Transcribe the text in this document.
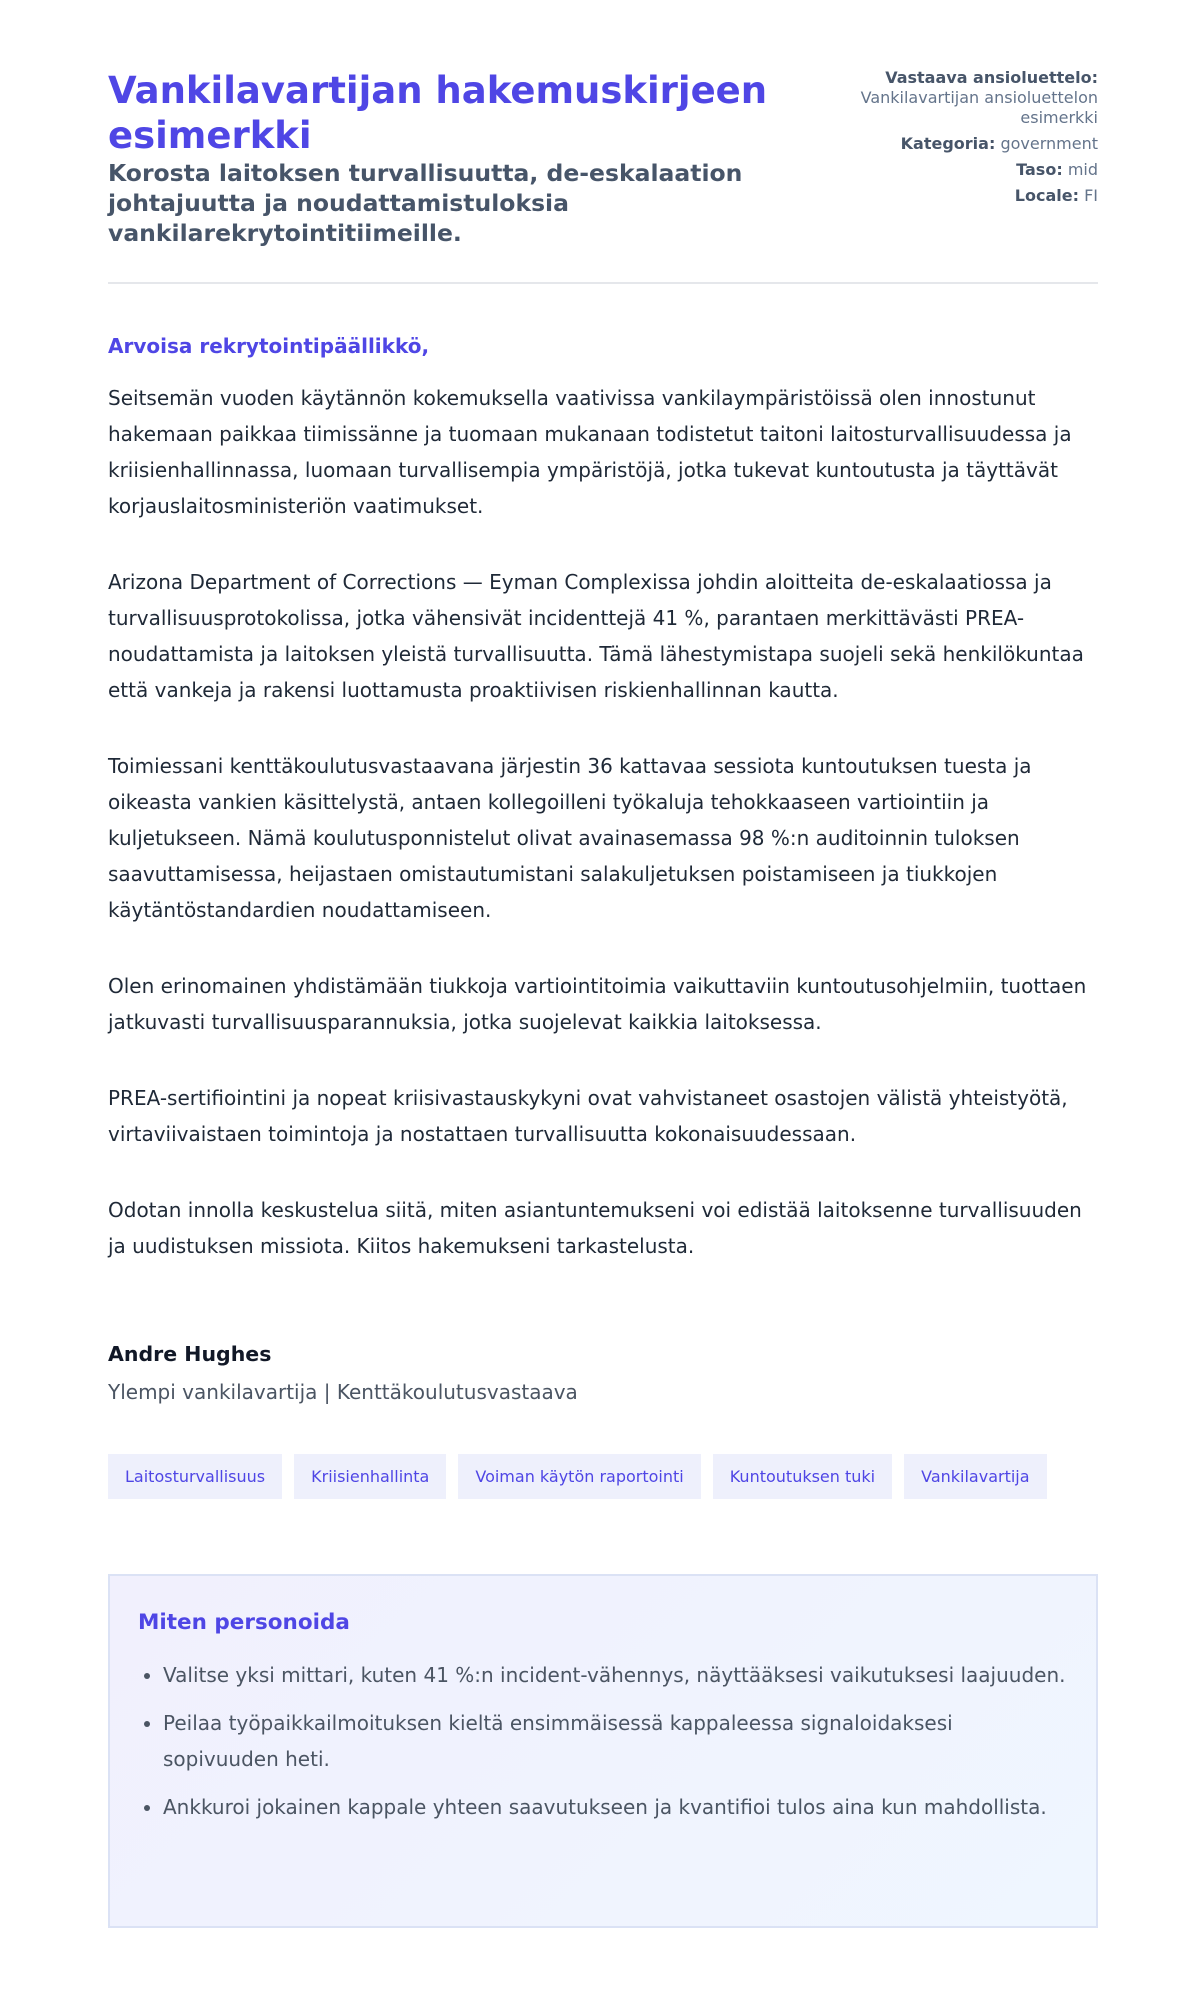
Vankilavartijan hakemuskirjeen esimerkki
Korosta laitoksen turvallisuutta, de-eskalaation johtajuutta ja noudattamistuloksia vankilarekrytointitiimeille.
Vastaava ansioluettelo:
Vankilavartijan ansioluettelon esimerkki
Kategoria: government
Taso: mid
Locale: FI
Arvoisa rekrytointipäällikkö,

Seitsemän vuoden käytännön kokemuksella vaativissa vankilaympäristöissä olen innostunut hakemaan paikkaa tiimissänne ja tuomaan mukanaan todistetut taitoni laitosturvallisuudessa ja kriisienhallinnassa, luomaan turvallisempia ympäristöjä, jotka tukevat kuntoutusta ja täyttävät korjauslaitosministeriön vaatimukset.

Arizona Department of Corrections — Eyman Complexissa johdin aloitteita de-eskalaatiossa ja turvallisuusprotokolissa, jotka vähensivät incidenttejä 41 %, parantaen merkittävästi PREA-noudattamista ja laitoksen yleistä turvallisuutta. Tämä lähestymistapa suojeli sekä henkilökuntaa että vankeja ja rakensi luottamusta proaktiivisen riskienhallinnan kautta.

Toimiessani kenttäkoulutusvastaavana järjestin 36 kattavaa sessiota kuntoutuksen tuesta ja oikeasta vankien käsittelystä, antaen kollegoilleni työkaluja tehokkaaseen vartiointiin ja kuljetukseen. Nämä koulutusponnistelut olivat avainasemassa 98 %:n auditoinnin tuloksen saavuttamisessa, heijastaen omistautumistani salakuljetuksen poistamiseen ja tiukkojen käytäntöstandardien noudattamiseen.

Olen erinomainen yhdistämään tiukkoja vartiointitoimia vaikuttaviin kuntoutusohjelmiin, tuottaen jatkuvasti turvallisuusparannuksia, jotka suojelevat kaikkia laitoksessa.

PREA-sertifiointini ja nopeat kriisivastauskykyni ovat vahvistaneet osastojen välistä yhteistyötä, virtaviivaistaen toimintoja ja nostattaen turvallisuutta kokonaisuudessaan.

Odotan innolla keskustelua siitä, miten asiantuntemukseni voi edistää laitoksenne turvallisuuden ja uudistuksen missiota. Kiitos hakemukseni tarkastelusta.

Andre Hughes
Ylempi vankilavartija | Kenttäkoulutusvastaava
Laitosturvallisuus	Kriisienhallinta	Voiman käytön raportointi	Kuntoutuksen tuki	Vankilavartija
Miten personoida
• Valitse yksi mittari, kuten 41 %:n incident-vähennys, näyttääksesi vaikutuksesi laajuuden.
• Peilaa työpaikkailmoituksen kieltä ensimmäisessä kappaleessa signaloidaksesi sopivuuden heti.
• Ankkuroi jokainen kappale yhteen saavutukseen ja kvantifioi tulos aina kun mahdollista.
